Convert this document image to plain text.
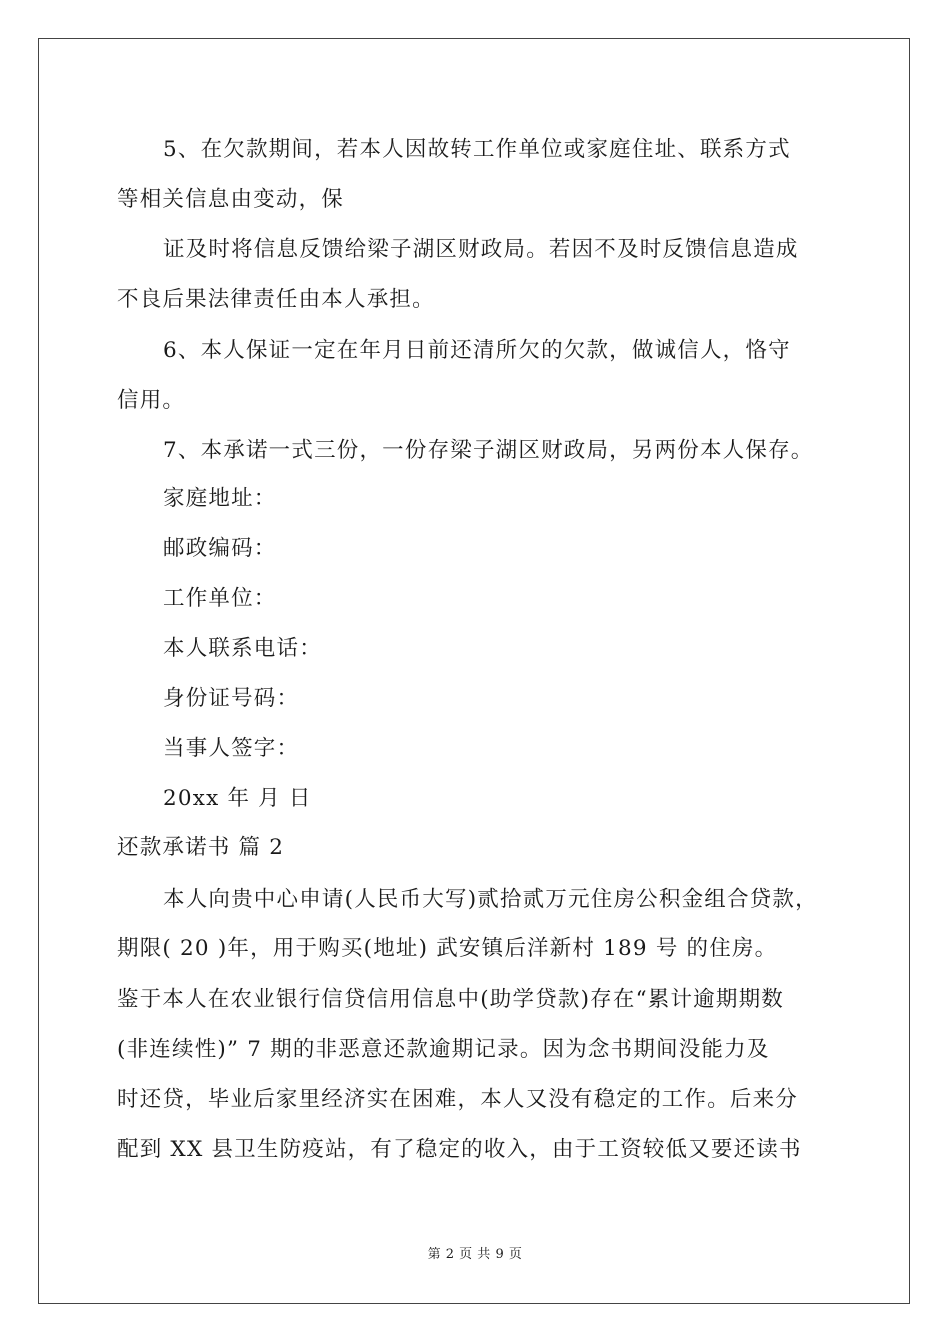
5、在欠款期间，若本人因故转工作单位或家庭住址、联系方式
等相关信息由变动，保
证及时将信息反馈给梁子湖区财政局。若因不及时反馈信息造成
不良后果法律责任由本人承担。
6、本人保证一定在年月日前还清所欠的欠款，做诚信人，恪守
信用。
7、本承诺一式三份，一份存梁子湖区财政局，另两份本人保存。
家庭地址：
邮政编码：
工作单位：
本人联系电话：
身份证号码：
当事人签字：
20xx 年 月 日
还款承诺书 篇 2
本人向贵中心申请(人民币大写)贰拾贰万元住房公积金组合贷款，
期限( 20 )年，用于购买(地址) 武安镇后洋新村 189 号 的住房。
鉴于本人在农业银行信贷信用信息中(助学贷款)存在“累计逾期期数
(非连续性)” 7 期的非恶意还款逾期记录。因为念书期间没能力及
时还贷，毕业后家里经济实在困难，本人又没有稳定的工作。后来分
配到 XX 县卫生防疫站，有了稳定的收入，由于工资较低又要还读书
第 2 页 共 9 页
